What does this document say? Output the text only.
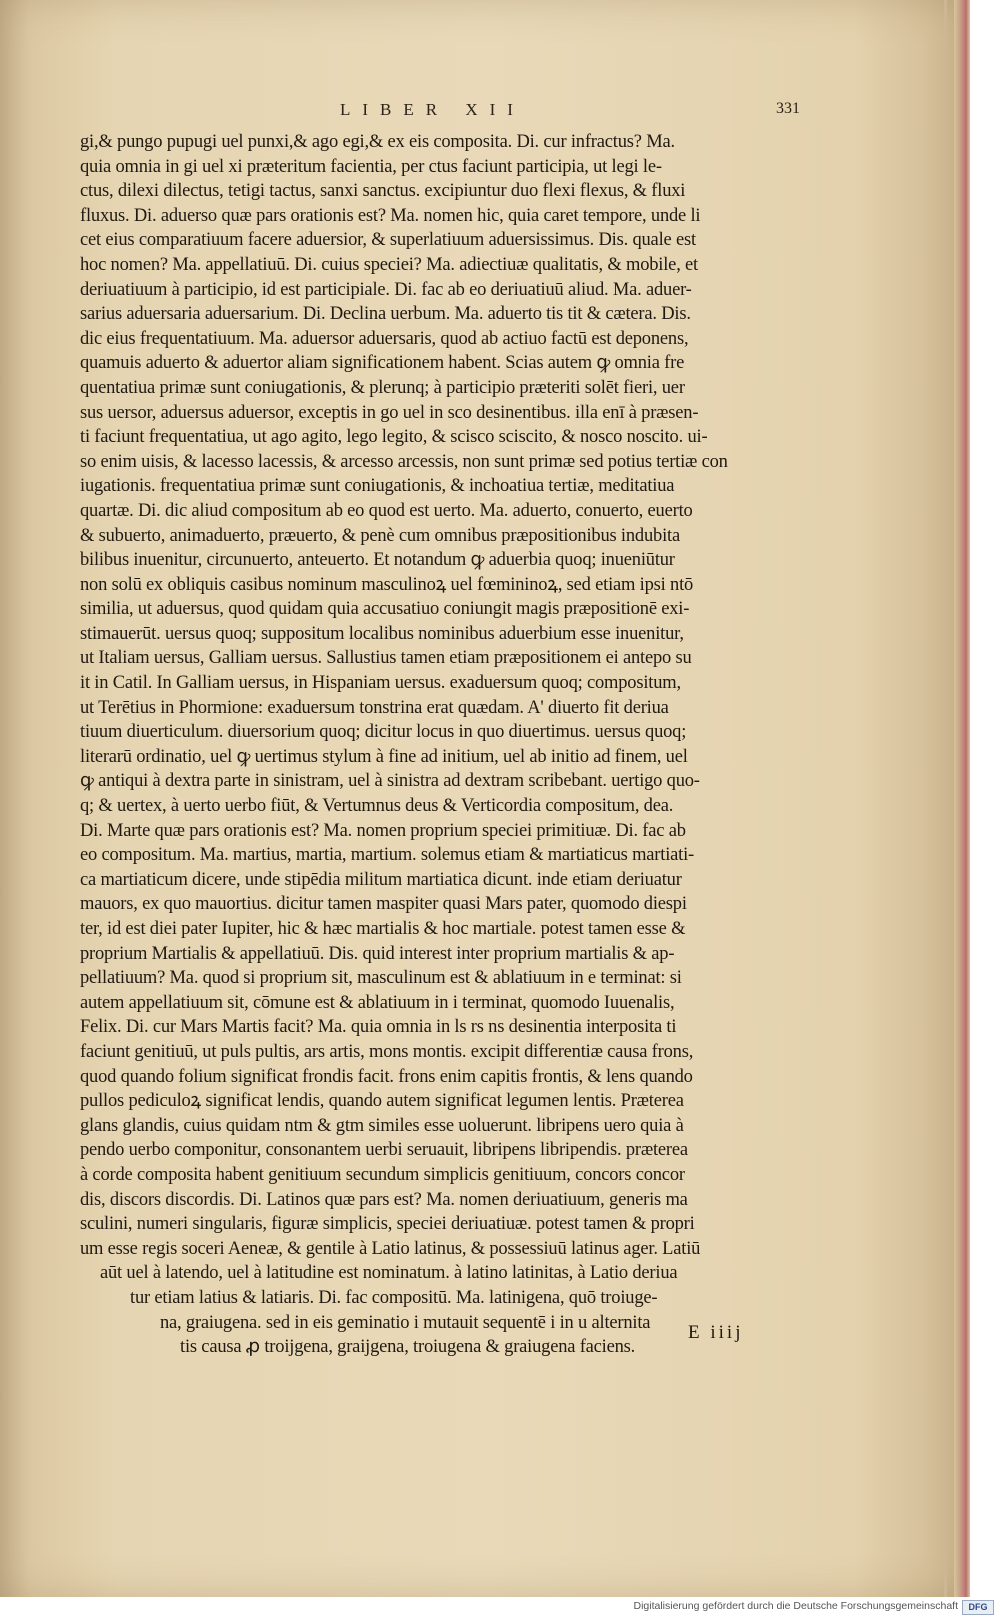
LIBER XII	331
gi,& pungo pupugi uel punxi,& ago egi,& ex eis composita. Di. cur infractus? Ma.
quia omnia in gi uel xi præteritum facientia, per ctus faciunt participia, ut legi le-
ctus, dilexi dilectus, tetigi tactus, sanxi sanctus. excipiuntur duo flexi flexus, & fluxi
fluxus. Di. aduerso quæ pars orationis est? Ma. nomen hic, quia caret tempore, unde li
cet eius comparatiuum facere aduersior, & superlatiuum aduersissimus. Dis. quale est
hoc nomen? Ma. appellatiuū. Di. cuius speciei? Ma. adiectiuæ qualitatis, & mobile, et
deriuatiuum à participio, id est participiale. Di. fac ab eo deriuatiuū aliud. Ma. aduer-
sarius aduersaria aduersarium. Di. Declina uerbum. Ma. aduerto tis tit & cætera. Dis.
dic eius frequentatiuum. Ma. aduersor aduersaris, quod ab actiuo factū est deponens,
quamuis aduerto & aduertor aliam significationem habent. Scias autem ꝙ omnia fre
quentatiua primæ sunt coniugationis, & plerunq; à participio præteriti solēt fieri, uer
sus uersor, aduersus aduersor, exceptis in go uel in sco desinentibus. illa enī à præsen-
ti faciunt frequentatiua, ut ago agito, lego legito, & scisco sciscito, & nosco noscito. ui-
so enim uisis, & lacesso lacessis, & arcesso arcessis, non sunt primæ sed potius tertiæ con
iugationis. frequentatiua primæ sunt coniugationis, & inchoatiua tertiæ, meditatiua
quartæ. Di. dic aliud compositum ab eo quod est uerto. Ma. aduerto, conuerto, euerto
& subuerto, animaduerto, præuerto, & penè cum omnibus præpositionibus indubita
bilibus inuenitur, circunuerto, anteuerto. Et notandum ꝙ aduerbia quoq; inueniūtur
non solū ex obliquis casibus nominum masculinoꝝ uel fœmininoꝝ, sed etiam ipsi ntō
similia, ut aduersus, quod quidam quia accusatiuo coniungit magis præpositionē exi-
stimauerūt. uersus quoq; suppositum localibus nominibus aduerbium esse inuenitur,
ut Italiam uersus, Galliam uersus. Sallustius tamen etiam præpositionem ei antepo su
it in Catil. In Galliam uersus, in Hispaniam uersus. exaduersum quoq; compositum,
ut Terētius in Phormione: exaduersum tonstrina erat quædam. A' diuerto fit deriua
tiuum diuerticulum. diuersorium quoq; dicitur locus in quo diuertimus. uersus quoq;
literarū ordinatio, uel ꝙ uertimus stylum à fine ad initium, uel ab initio ad finem, uel
ꝙ antiqui à dextra parte in sinistram, uel à sinistra ad dextram scribebant. uertigo quo-
q; & uertex, à uerto uerbo fiūt, & Vertumnus deus & Verticordia compositum, dea.
Di. Marte quæ pars orationis est? Ma. nomen proprium speciei primitiuæ. Di. fac ab
eo compositum. Ma. martius, martia, martium. solemus etiam & martiaticus martiati-
ca martiaticum dicere, unde stipēdia militum martiatica dicunt. inde etiam deriuatur
mauors, ex quo mauortius. dicitur tamen maspiter quasi Mars pater, quomodo diespi
ter, id est diei pater Iupiter, hic & hæc martialis & hoc martiale. potest tamen esse &
proprium Martialis & appellatiuū. Dis. quid interest inter proprium martialis & ap-
pellatiuum? Ma. quod si proprium sit, masculinum est & ablatiuum in e terminat: si
autem appellatiuum sit, cōmune est & ablatiuum in i terminat, quomodo Iuuenalis,
Felix. Di. cur Mars Martis facit? Ma. quia omnia in ls rs ns desinentia interposita ti
faciunt genitiuū, ut puls pultis, ars artis, mons montis. excipit differentiæ causa frons,
quod quando folium significat frondis facit. frons enim capitis frontis, & lens quando
pullos pediculoꝝ significat lendis, quando autem significat legumen lentis. Præterea
glans glandis, cuius quidam ntm & gtm similes esse uoluerunt. libripens uero quia à
pendo uerbo componitur, consonantem uerbi seruauit, libripens libripendis. præterea
à corde composita habent genitiuum secundum simplicis genitiuum, concors concor
dis, discors discordis. Di. Latinos quæ pars est? Ma. nomen deriuatiuum, generis ma
sculini, numeri singularis, figuræ simplicis, speciei deriuatiuæ. potest tamen & propri
um esse regis soceri Aeneæ, & gentile à Latio latinus, & possessiuū latinus ager. Latiū
aūt uel à latendo, uel à latitudine est nominatum. à latino latinitas, à Latio deriua
tur etiam latius & latiaris. Di. fac compositū. Ma. latinigena, quō troiuge-
na, graiugena. sed in eis geminatio i mutauit sequentē i in u alternita
tis causa ꝓ troijgena, graijgena, troiugena & graiugena faciens.
E iiij
Digitalisierung gefördert durch die Deutsche Forschungsgemeinschaft	DFG
